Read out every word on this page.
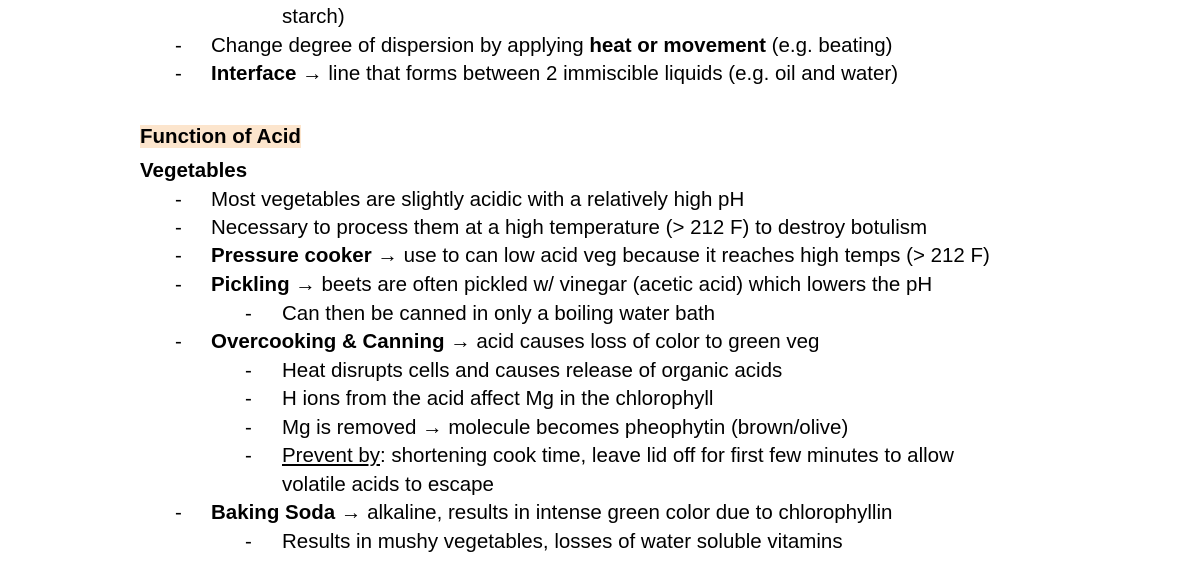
starch)
- Change degree of dispersion by applying heat or movement (e.g. beating)
- Interface → line that forms between 2 immiscible liquids (e.g. oil and water)
Function of Acid
Vegetables
- Most vegetables are slightly acidic with a relatively high pH
- Necessary to process them at a high temperature (> 212 F) to destroy botulism
- Pressure cooker → use to can low acid veg because it reaches high temps (> 212 F)
- Pickling → beets are often pickled w/ vinegar (acetic acid) which lowers the pH
- Can then be canned in only a boiling water bath
- Overcooking & Canning → acid causes loss of color to green veg
- Heat disrupts cells and causes release of organic acids
- H ions from the acid affect Mg in the chlorophyll
- Mg is removed → molecule becomes pheophytin (brown/olive)
- Prevent by: shortening cook time, leave lid off for first few minutes to allow
volatile acids to escape
- Baking Soda → alkaline, results in intense green color due to chlorophyllin
- Results in mushy vegetables, losses of water soluble vitamins
